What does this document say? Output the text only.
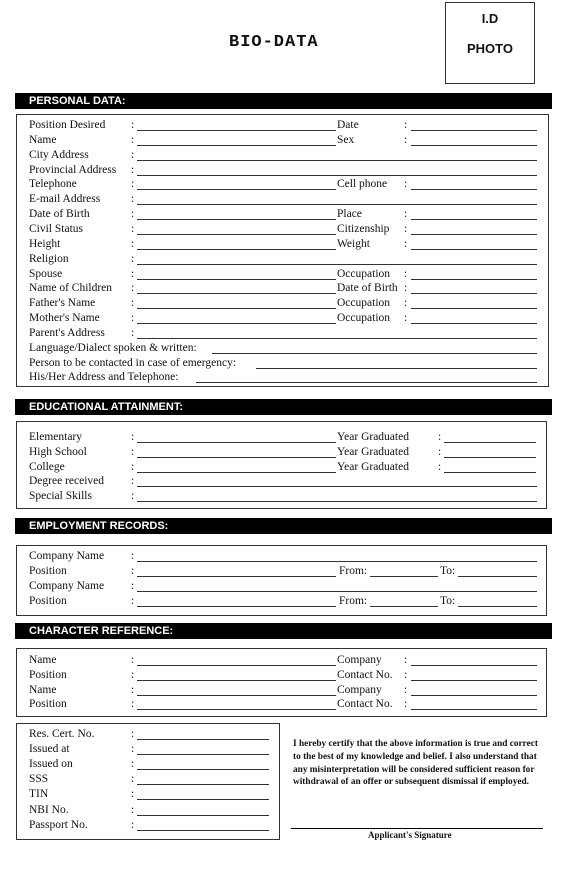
I.D
PHOTO
BIO-DATA
PERSONAL DATA:
Position Desired :	Date	:
Name	:	Sex	:
City Address	:
Provincial Address :
Telephone	:	Cell phone :
E-mail Address	:
Date of Birth	:	Place	:
Civil Status	:	Citizenship :
Height	:	Weight	:
Religion	:
Spouse	:	Occupation :
Name of Children :	Date of Birth :
Father's Name	:	Occupation :
Mother's Name	:	Occupation :
Parent's Address :
Language/Dialect spoken & written:
Person to be contacted in case of emergency:
His/Her Address and Telephone:
EDUCATIONAL ATTAINMENT:
Elementary	:	Year Graduated	:
High School	:	Year Graduated	:
College	:	Year Graduated	:
Degree received :
Special Skills	:
EMPLOYMENT RECORDS:
Company Name :
Position	:	From:	To:
Company Name :
Position	:	From:	To:
CHARACTER REFERENCE:
Name	:	Company :
Position	:	Contact No. :
Name	:	Company :
Position	:	Contact No. :
Res. Cert. No.	:
Issued at	:
Issued on	:
SSS	:
TIN	:
NBI No.	:
Passport No.	:
I hereby certify that the above information is true and correct to the best of my knowledge and belief. I also understand that any misinterpretation will be considered sufficient reason for withdrawal of an offer or subsequent dismissal if employed.
Applicant's Signature
